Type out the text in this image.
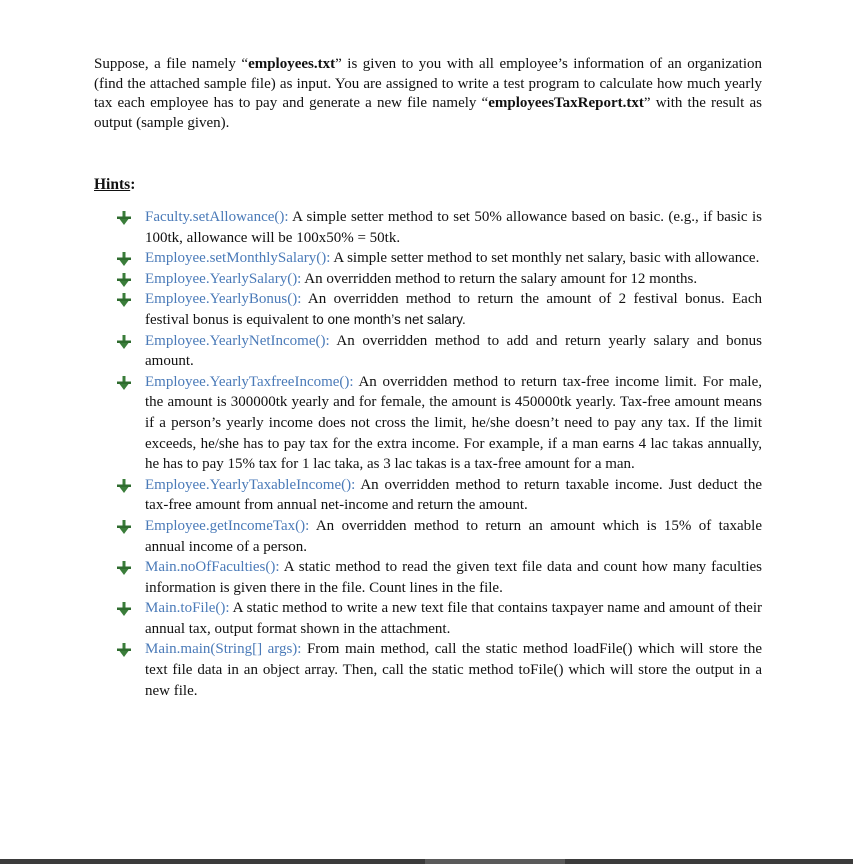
Suppose, a file namely “employees.txt” is given to you with all employee’s information of an organization (find the attached sample file) as input. You are assigned to write a test program to calculate how much yearly tax each employee has to pay and generate a new file namely “employeesTaxReport.txt” with the result as output (sample given).

Hints:
Faculty.setAllowance(): A simple setter method to set 50% allowance based on basic. (e.g., if basic is 100tk, allowance will be 100x50% = 50tk.
Employee.setMonthlySalary(): A simple setter method to set monthly net salary, basic with allowance.
Employee.YearlySalary(): An overridden method to return the salary amount for 12 months.
Employee.YearlyBonus(): An overridden method to return the amount of 2 festival bonus. Each festival bonus is equivalent to one month’s net salary.
Employee.YearlyNetIncome(): An overridden method to add and return yearly salary and bonus amount.
Employee.YearlyTaxfreeIncome(): An overridden method to return tax-free income limit. For male, the amount is 300000tk yearly and for female, the amount is 450000tk yearly. Tax-free amount means if a person’s yearly income does not cross the limit, he/she doesn’t need to pay any tax. If the limit exceeds, he/she has to pay tax for the extra income. For example, if a man earns 4 lac takas annually, he has to pay 15% tax for 1 lac taka, as 3 lac takas is a tax-free amount for a man.
Employee.YearlyTaxableIncome(): An overridden method to return taxable income. Just deduct the tax-free amount from annual net-income and return the amount.
Employee.getIncomeTax(): An overridden method to return an amount which is 15% of taxable annual income of a person.
Main.noOfFaculties(): A static method to read the given text file data and count how many faculties information is given there in the file. Count lines in the file.
Main.toFile(): A static method to write a new text file that contains taxpayer name and amount of their annual tax, output format shown in the attachment.
Main.main(String[] args): From main method, call the static method loadFile() which will store the text file data in an object array. Then, call the static method toFile() which will store the output in a new file.
